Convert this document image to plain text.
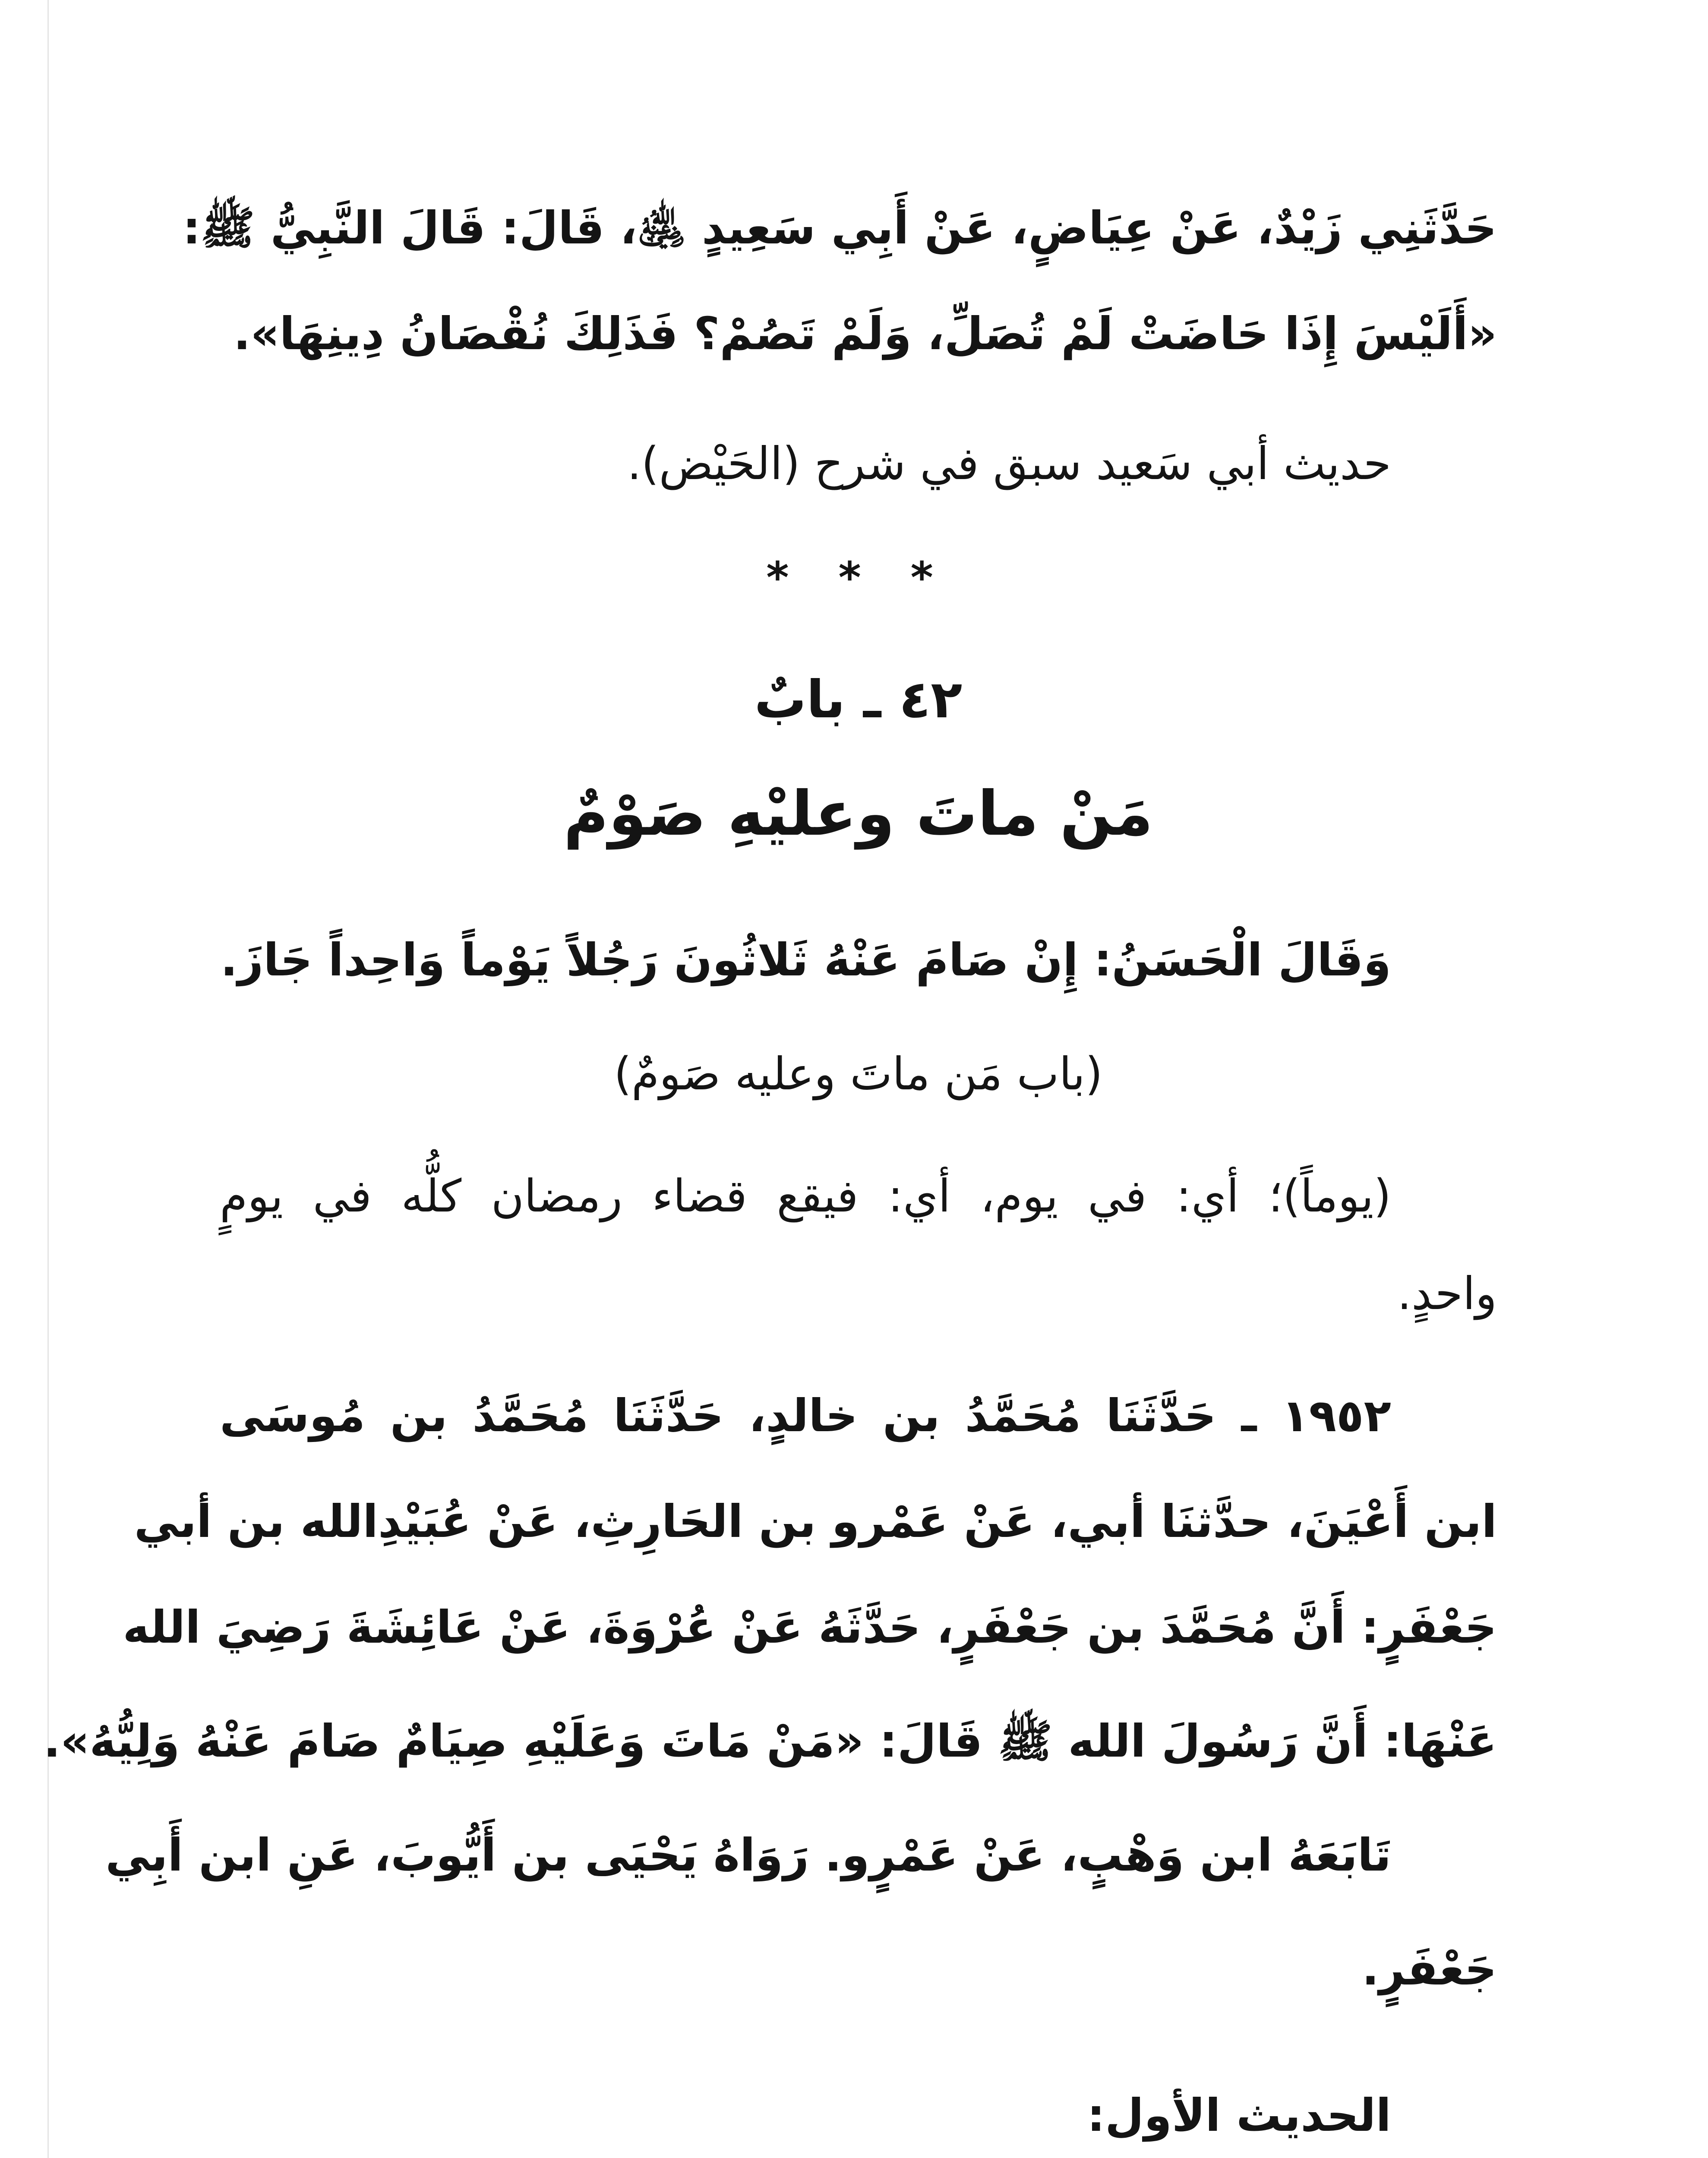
حَدَّثَنِي زَيْدٌ، عَنْ عِيَاضٍ، عَنْ أَبِي سَعِيدٍ ﵁، قَالَ: قَالَ النَّبِيُّ ﷺ:
«أَلَيْسَ إِذَا حَاضَتْ لَمْ تُصَلِّ، وَلَمْ تَصُمْ؟ فَذَلِكَ نُقْصَانُ دِينِهَا».
حديث أبي سَعيد سبق في شرح (الحَيْض).
* * *
٤٢ ـ بابٌ
مَنْ ماتَ وعليْهِ صَوْمٌ
وَقَالَ الْحَسَنُ: إِنْ صَامَ عَنْهُ ثَلاثُونَ رَجُلاً يَوْماً وَاحِداً جَازَ.
(باب مَن ماتَ وعليه صَومٌ)
(يوماً)؛ أي: في يوم، أي: فيقع قضاء رمضان كلُّه في يومٍ
واحدٍ.
١٩٥٢ ـ حَدَّثَنَا مُحَمَّدُ بن خالدٍ، حَدَّثَنَا مُحَمَّدُ بن مُوسَى
ابن أَعْيَنَ، حدَّثنَا أبي، عَنْ عَمْرو بن الحَارِثِ، عَنْ عُبَيْدِالله بن أبي
جَعْفَرٍ: أَنَّ مُحَمَّدَ بن جَعْفَرٍ، حَدَّثَهُ عَنْ عُرْوَةَ، عَنْ عَائِشَةَ رَضِيَ الله
عَنْهَا: أَنَّ رَسُولَ الله ﷺ قَالَ: «مَنْ مَاتَ وَعَلَيْهِ صِيَامٌ صَامَ عَنْهُ وَلِيُّهُ».
تَابَعَهُ ابن وَهْبٍ، عَنْ عَمْرٍو. رَوَاهُ يَحْيَى بن أَيُّوبَ، عَنِ ابن أَبِي
جَعْفَرٍ.
الحديث الأول:
